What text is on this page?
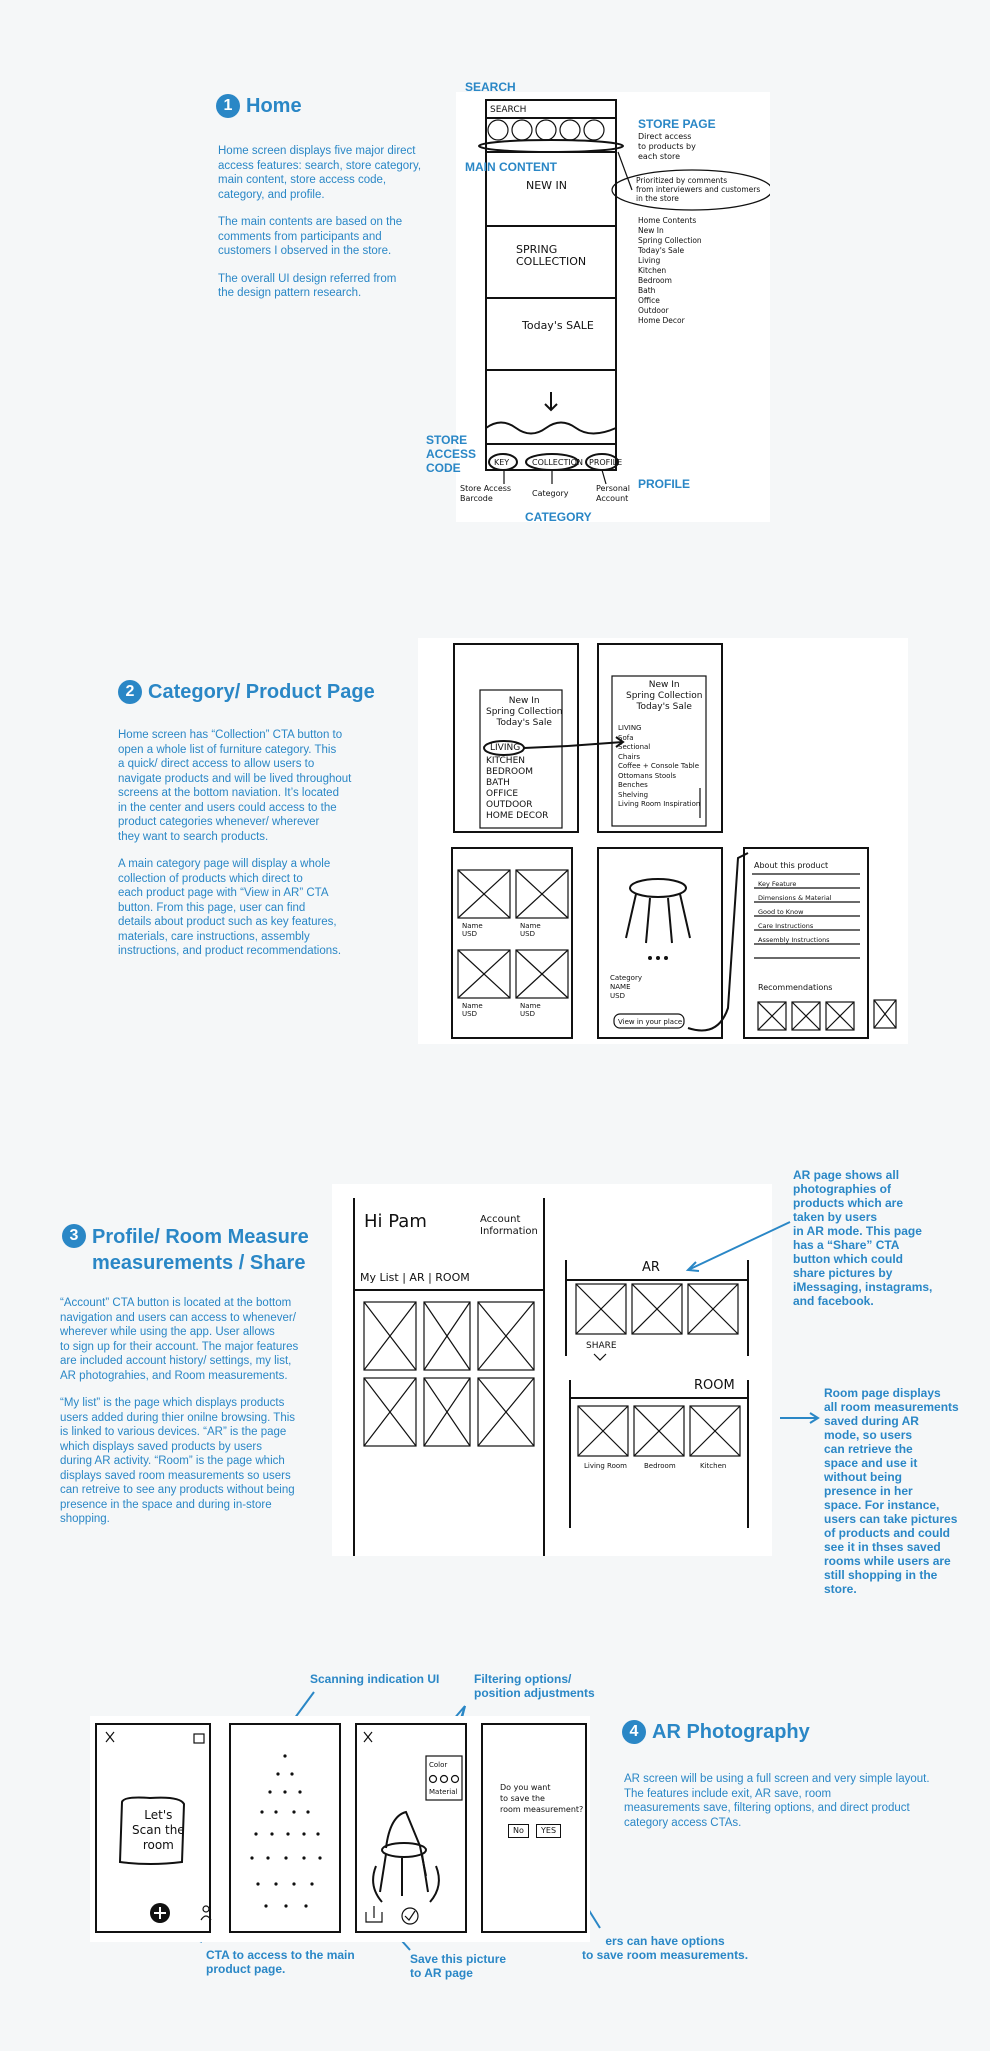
1 Home

Home screen displays five major direct
access features: search, store category,
main content, store access code,
category, and profile.

The main contents are based on the
comments from participants and
customers I observed in the store.

The overall UI design referred from
the design pattern research.

SEARCH
NEW IN
SPRING
COLLECTION
Today's SALE
KEY	COLLECTION PROFILE
Direct access
to products by
each store
Prioritized by comments
from interviewers and customers
in the store
Home Contents
New In
Spring Collection
Today's Sale
Living
Kitchen
Bedroom
Bath
Office
Outdoor
Home Decor
Store Access
Barcode
Category
Personal
Account
SEARCH
STORE PAGE
MAIN CONTENT
STORE
ACCESS
CODE
PROFILE
CATEGORY
2 Category/ Product Page

Home screen has “Collection” CTA button to
open a whole list of furniture category. This
a quick/ direct access to allow users to
navigate products and will be lived throughout
screens at the bottom naviation. It’s located
in the center and users could access to the
product categories whenever/ wherever
they want to search products.

A main category page will display a whole
collection of products which direct to
each product page with “View in AR” CTA
button. From this page, user can find
details about product such as key features,
materials, care instructions, assembly
instructions, and product recommendations.

New In
Spring Collection
Today's Sale
LIVING
KITCHEN
BEDROOM
BATH
OFFICE
OUTDOOR
HOME DECOR
New In
Spring Collection
Today's Sale
LIVING
Sofa
Sectional
Chairs
Coffee + Console Table
Ottomans Stools
Benches
Shelving
Living Room Inspiration
Name
USD
Name
USD
Name
USD
Name
USD
Category
NAME
USD
View in your place
About this product
Key Feature
Dimensions & Material
Good to Know
Care Instructions
Assembly Instructions
Recommendations
3 Profile/ Room Measure
measurements / Share

“Account” CTA button is located at the bottom
navigation and users can access to whenever/
wherever while using the app. User allows
to sign up for their account. The major features
are included account history/ settings, my list,
AR photograhies, and Room measurements.

“My list” is the page which displays products
users added during thier onilne browsing. This
is linked to various devices. “AR” is the page
which displays saved products by users
during AR activity. “Room” is the page which
displays saved room measurements so users
can retreive to see any products without being
presence in the space and during in-store
shopping.

Hi Pam	Account
Information
My List | AR | ROOM
AR
SHARE
ROOM
Living Room Bedroom	Kitchen
AR page shows all
photographies of
products which are
taken by users
in AR mode. This page
has a “Share” CTA
button which could
share pictures by
iMessaging, instagrams,
and facebook.
Room page displays
all room measurements
saved during AR
mode, so users
can retrieve the
space and use it
without being
presence in her
space. For instance,
users can take pictures
of products and could
see it in thses saved
rooms while users are
still shopping in the
store.
Scanning indication UI	Filtering options/
position adjustments
Let's
Scan the
room
Color
Material	Do you want
to save the
room measurement?
No	YES
4 AR Photography

AR screen will be using a full screen and very simple layout.
The features include exit, AR save, room
measurements save, filtering options, and direct product
category access CTAs.

CTA to access to the main
product page.
Save this picture
to AR page
ers can have options
to save room measurements.
